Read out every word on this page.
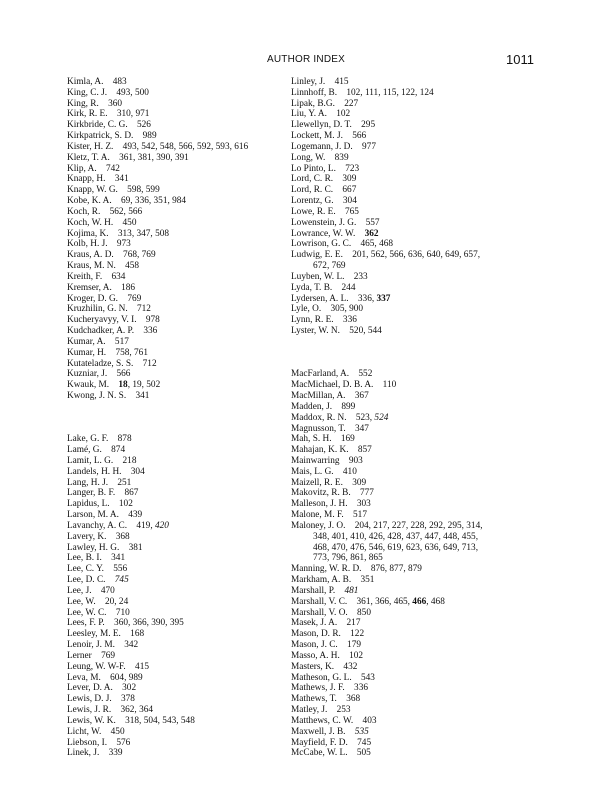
AUTHOR INDEX	1011
Kimla, A.  483
King, C. J.  493, 500
King, R.  360
Kirk, R. E.  310, 971
Kirkbride, C. G.  526
Kirkpatrick, S. D.  989
Kister, H. Z.  493, 542, 548, 566, 592, 593, 616
Kletz, T. A.  361, 381, 390, 391
Klip, A.  742
Knapp, H.  341
Knapp, W. G.  598, 599
Kobe, K. A.  69, 336, 351, 984
Koch, R.  562, 566
Koch, W. H.  450
Kojima, K.  313, 347, 508
Kolb, H. J.  973
Kraus, A. D.  768, 769
Kraus, M. N.  458
Kreith, F.  634
Kremser, A.  186
Kroger, D. G.  769
Kruzhilin, G. N.  712
Kucheryavyy, V. I.  978
Kudchadker, A. P.  336
Kumar, A.  517
Kumar, H.  758, 761
Kutateladze, S. S.  712
Kuzniar, J.  566
Kwauk, M.  18, 19, 502
Kwong, J. N. S.  341
Lake, G. F.  878
Lamé, G.  874
Lamit, L. G.  218
Landels, H. H.  304
Lang, H. J.  251
Langer, B. F.  867
Lapidus, L.  102
Larson, M. A.  439
Lavanchy, A. C.  419, 420
Lavery, K.  368
Lawley, H. G.  381
Lee, B. I.  341
Lee, C. Y.  556
Lee, D. C.  745
Lee, J.  470
Lee, W.  20, 24
Lee, W. C.  710
Lees, F. P.  360, 366, 390, 395
Leesley, M. E.  168
Lenoir, J. M.  342
Lerner  769
Leung, W. W-F.  415
Leva, M.  604, 989
Lever, D. A.  302
Lewis, D. J.  378
Lewis, J. R.  362, 364
Lewis, W. K.  318, 504, 543, 548
Licht, W.  450
Liebson, I.  576
Linek, J.  339
Linley, J.  415
Linnhoff, B.  102, 111, 115, 122, 124
Lipak, B.G.  227
Liu, Y. A.  102
Llewellyn, D. T.  295
Lockett, M. J.  566
Logemann, J. D.  977
Long, W.  839
Lo Pinto, L.  723
Lord, C. R.  309
Lord, R. C.  667
Lorentz, G.  304
Lowe, R. E.  765
Lowenstein, J. G.  557
Lowrance, W. W.  362
Lowrison, G. C.  465, 468
Ludwig, E. E.  201, 562, 566, 636, 640, 649, 657,
672, 769
Luyben, W. L.  233
Lyda, T. B.  244
Lydersen, A. L.  336, 337
Lyle, O.  305, 900
Lynn, R. E.  336
Lyster, W. N.  520, 544
MacFarland, A.  552
MacMichael, D. B. A.  110
MacMillan, A.  367
Madden, J.  899
Maddox, R. N.  523, 524
Magnusson, T.  347
Mah, S. H.  169
Mahajan, K. K.  857
Mainwarring  903
Mais, L. G.  410
Maizell, R. E.  309
Makovitz, R. B.  777
Malleson, J. H.  303
Malone, M. F.  517
Maloney, J. O.  204, 217, 227, 228, 292, 295, 314,
348, 401, 410, 426, 428, 437, 447, 448, 455,
468, 470, 476, 546, 619, 623, 636, 649, 713,
773, 796, 861, 865
Manning, W. R. D.  876, 877, 879
Markham, A. B.  351
Marshall, P.  481
Marshall, V. C.  361, 366, 465, 466, 468
Marshall, V. O.  850
Masek, J. A.  217
Mason, D. R.  122
Mason, J. C.  179
Masso, A. H.  102
Masters, K.  432
Matheson, G. L.  543
Mathews, J. F.  336
Mathews, T.  368
Matley, J.  253
Matthews, C. W.  403
Maxwell, J. B.  535
Mayfield, F. D.  745
McCabe, W. L.  505
